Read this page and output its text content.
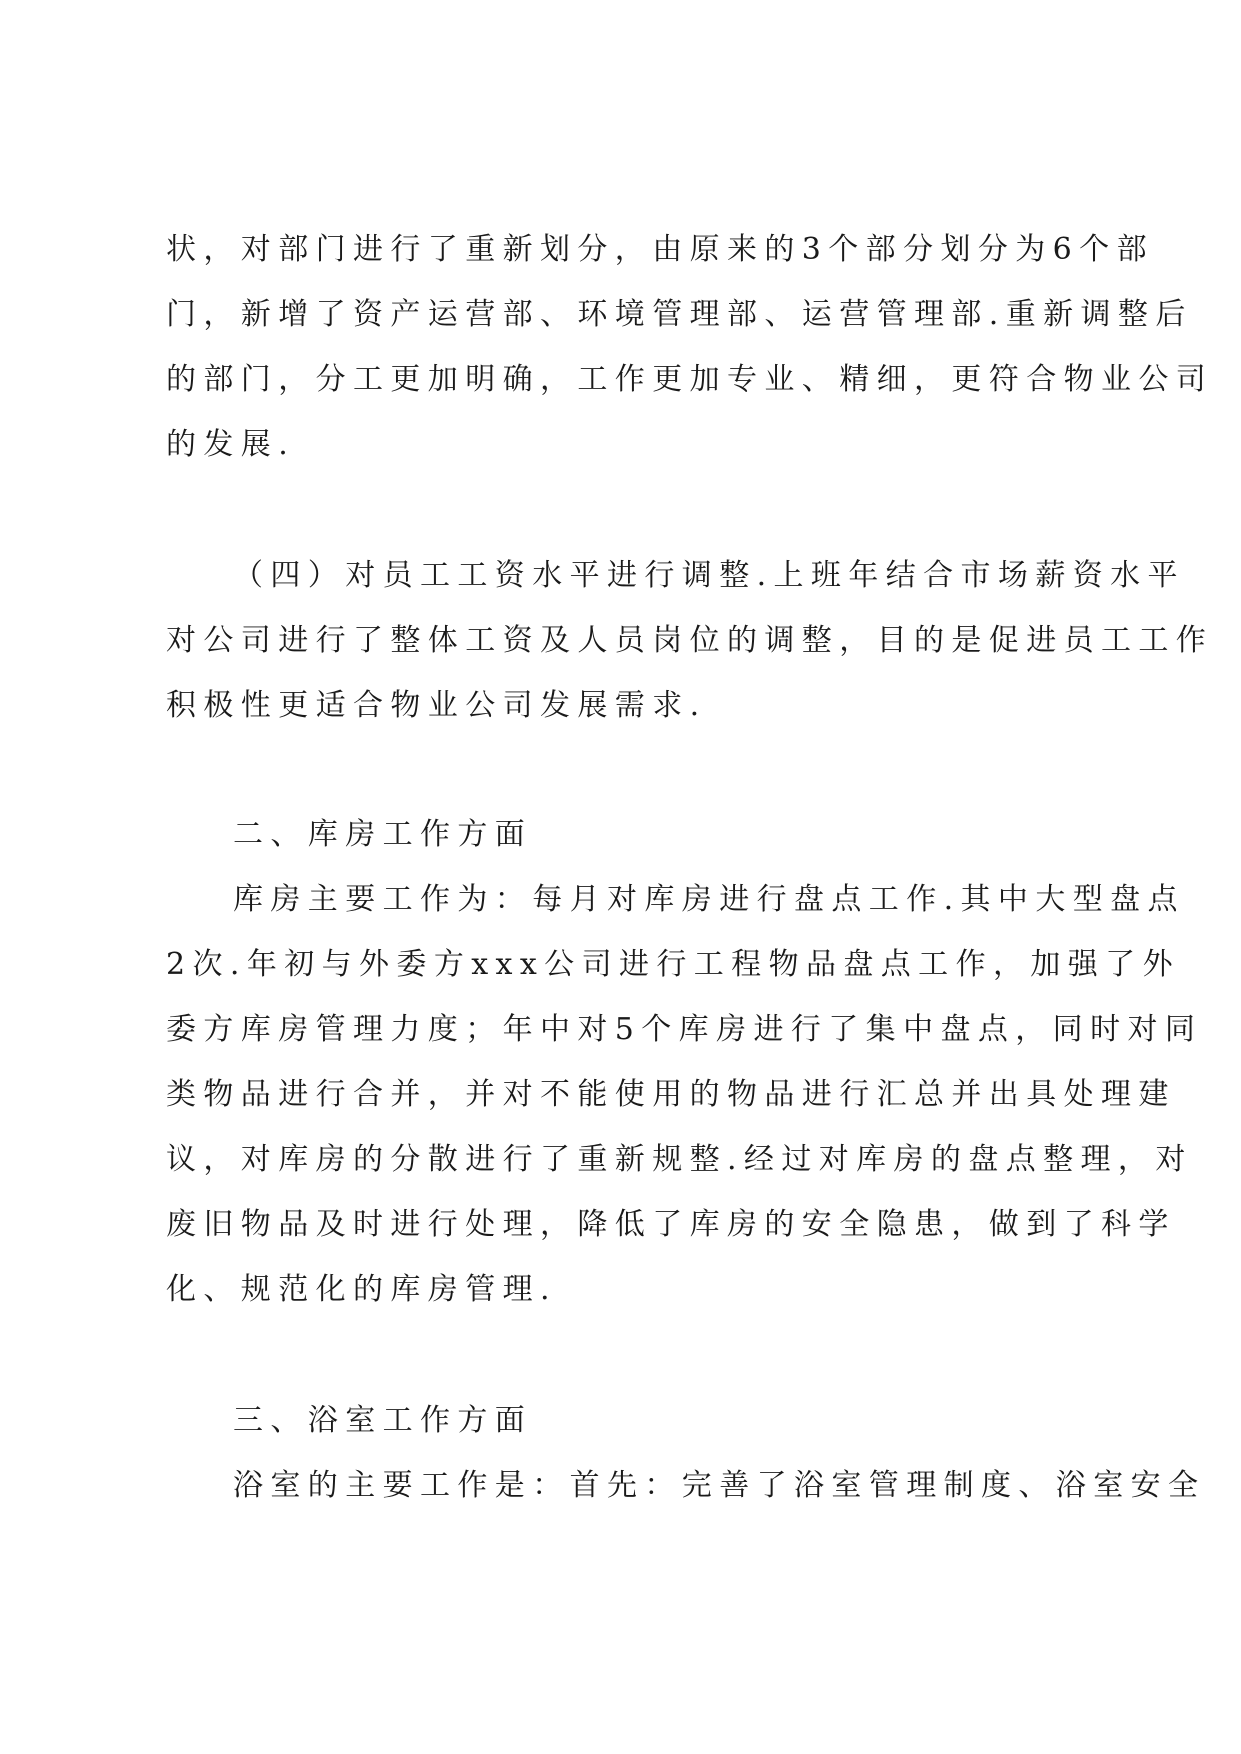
状，对部门进行了重新划分，由原来的3个部分划分为6个部
门，新增了资产运营部、环境管理部、运营管理部.重新调整后
的部门，分工更加明确，工作更加专业、精细，更符合物业公司
的发展.
（四）对员工工资水平进行调整.上班年结合市场薪资水平
对公司进行了整体工资及人员岗位的调整，目的是促进员工工作
积极性更适合物业公司发展需求.
二、库房工作方面
库房主要工作为：每月对库房进行盘点工作.其中大型盘点
2次.年初与外委方xxx公司进行工程物品盘点工作，加强了外
委方库房管理力度；年中对5个库房进行了集中盘点，同时对同
类物品进行合并，并对不能使用的物品进行汇总并出具处理建
议，对库房的分散进行了重新规整.经过对库房的盘点整理，对
废旧物品及时进行处理，降低了库房的安全隐患，做到了科学
化、规范化的库房管理.
三、浴室工作方面
浴室的主要工作是：首先：完善了浴室管理制度、浴室安全
